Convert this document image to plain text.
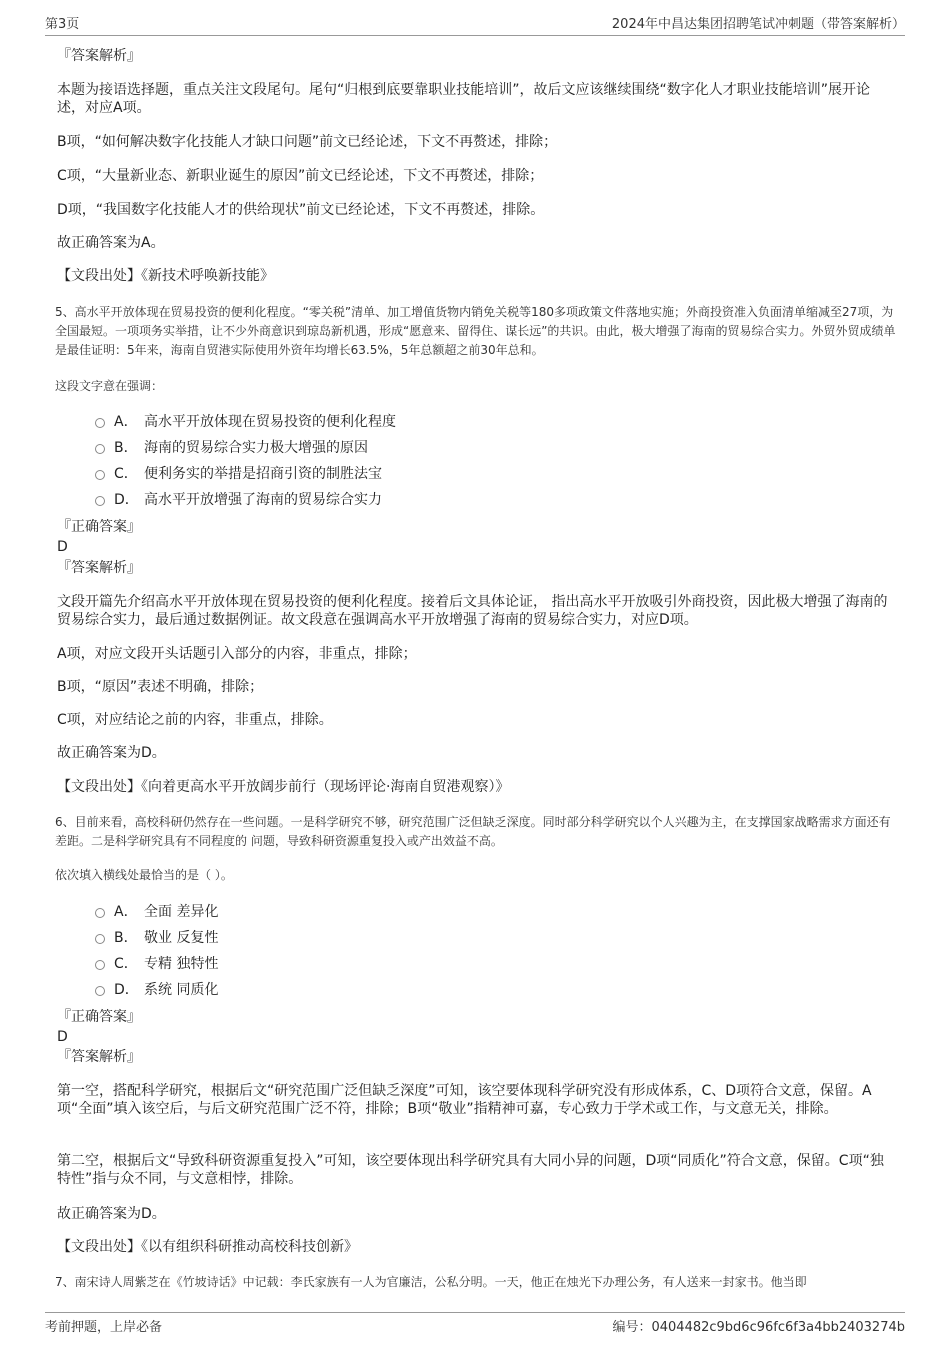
第3页	2024年中昌达集团招聘笔试冲刺题（带答案解析）
『答案解析』
本题为接语选择题，重点关注文段尾句。尾句“归根到底要靠职业技能培训”，故后文应该继续围绕“数字化人才职业技能培训”展开论述，对应A项。
B项，“如何解决数字化技能人才缺口问题”前文已经论述，下文不再赘述，排除；
C项，“大量新业态、新职业诞生的原因”前文已经论述，下文不再赘述，排除；
D项，“我国数字化技能人才的供给现状”前文已经论述，下文不再赘述，排除。
故正确答案为A。
【文段出处】《新技术呼唤新技能》
5、高水平开放体现在贸易投资的便利化程度。“零关税”清单、加工增值货物内销免关税等180多项政策文件落地实施；外商投资准入负面清单缩减至27项，为全国最短。一项项务实举措，让不少外商意识到琼岛新机遇，形成“愿意来、留得住、谋长远”的共识。由此，极大增强了海南的贸易综合实力。外贸外贸成绩单是最佳证明：5年来，海南自贸港实际使用外资年均增长63.5%，5年总额超之前30年总和。
这段文字意在强调：
A． 高水平开放体现在贸易投资的便利化程度
B． 海南的贸易综合实力极大增强的原因
C． 便利务实的举措是招商引资的制胜法宝
D． 高水平开放增强了海南的贸易综合实力
『正确答案』
D
『答案解析』
文段开篇先介绍高水平开放体现在贸易投资的便利化程度。接着后文具体论证， 指出高水平开放吸引外商投资，因此极大增强了海南的贸易综合实力，最后通过数据例证。故文段意在强调高水平开放增强了海南的贸易综合实力，对应D项。
A项，对应文段开头话题引入部分的内容，非重点，排除；
B项，“原因”表述不明确，排除；
C项，对应结论之前的内容，非重点，排除。
故正确答案为D。
【文段出处】《向着更高水平开放阔步前行（现场评论·海南自贸港观察）》
6、目前来看，高校科研仍然存在一些问题。一是科学研究不够，研究范围广泛但缺乏深度。同时部分科学研究以个人兴趣为主，在支撑国家战略需求方面还有差距。二是科学研究具有不同程度的 问题，导致科研资源重复投入或产出效益不高。
依次填入横线处最恰当的是（ ）。
A． 全面 差异化
B． 敬业 反复性
C． 专精 独特性
D． 系统 同质化
『正确答案』
D
『答案解析』
第一空，搭配科学研究，根据后文“研究范围广泛但缺乏深度”可知，该空要体现科学研究没有形成体系，C、D项符合文意，保留。A项“全面”填入该空后，与后文研究范围广泛不符，排除；B项“敬业”指精神可嘉，专心致力于学术或工作，与文意无关，排除。
第二空，根据后文“导致科研资源重复投入”可知，该空要体现出科学研究具有大同小异的问题，D项“同质化”符合文意，保留。C项“独特性”指与众不同，与文意相悖，排除。
故正确答案为D。
【文段出处】《以有组织科研推动高校科技创新》
7、南宋诗人周紫芝在《竹坡诗话》中记载：李氏家族有一人为官廉洁，公私分明。一天，他正在烛光下办理公务，有人送来一封家书。他当即
考前押题，上岸必备	编号：0404482c9bd6c96fc6f3a4bb2403274b
